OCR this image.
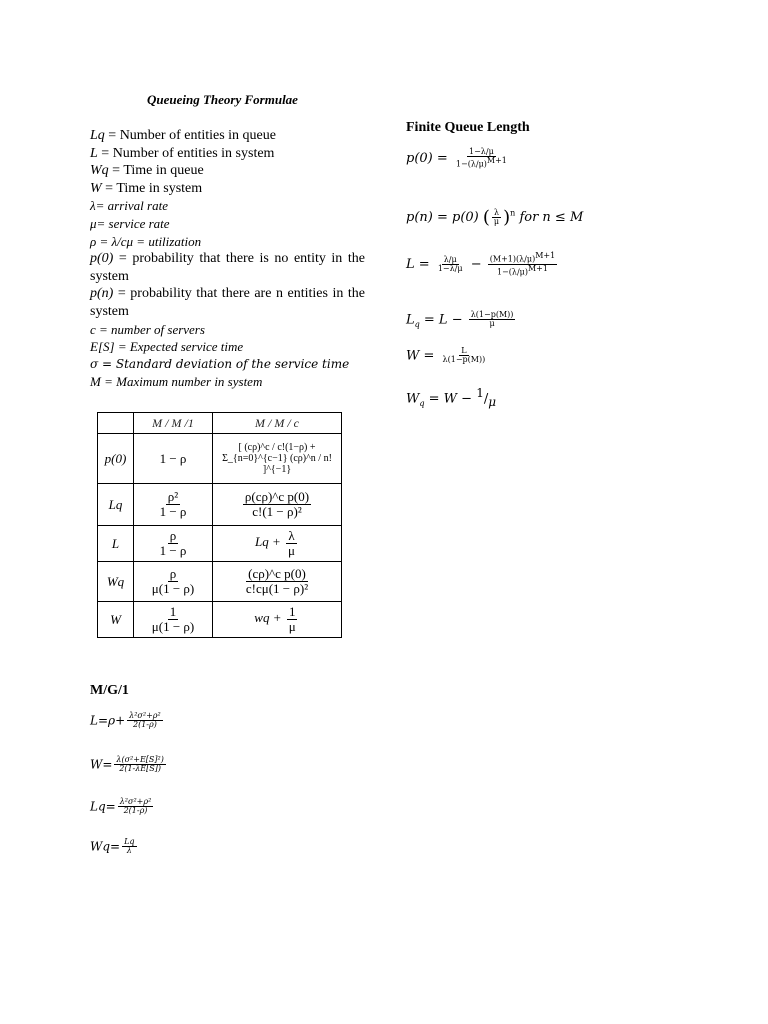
Queueing Theory Formulae
Lq = Number of entities in queue
L = Number of entities in system
Wq = Time in queue
W = Time in system
λ= arrival rate
μ= service rate
ρ = λ/cμ = utilization
p(0) = probability that there is no entity in the system
p(n) = probability that there are n entities in the system
c = number of servers
E[S] = Expected service time
σ = Standard deviation of the service time
M = Maximum number in system
Finite Queue Length
$p(0) = \frac{1-\lambda/\mu}{1-(\lambda/\mu)M+1}$
p(n) = p(0) ( $\frac{\lambda}{\mu} )^n$ for n ≤ M
$L = \frac{\lambda/\mu}{1-\lambda/\mu} - \frac{(M+1)(\lambda/\mu)M+1}{1-(\lambda/\mu)M+1}$
$L_q = L - \frac{\lambda(1-p(M))}{\mu}$
$W = \frac{L}{\lambda(1-p(M))}$
$W_q = W - 1/\mu$
	M / M /1	M / M / c
p(0)	1 − ρ	[ (cρ)^c / c!(1−ρ) + Σ_{n=0}^{c−1} (cρ)^n / n! ]^{−1}
Lq	$\frac{\text{ρ²}}{1 - \rho}$	$\frac{\text{ρ(cρ)\textasciicircum{}c p(0)}}{\text{c!(1 − ρ)²}}$

L	$\frac{\rho}{1 - \rho}$	$Lq + \frac{\lambda}{\mu}$

Wq	$\frac{\rho}{\mu(1 - \rho)}$	$\frac{\text{(cρ)\textasciicircum{}c p(0)}}{\text{c!cμ(1 − ρ)²}}$

W	$\frac{1}{\mu(1 - \rho)}$	wq + $\frac{1}{\mu}$
M/G/1
$L=\rho+ \frac{\text{λ²σ²+ρ²}}{2(1-\rho)}$
$W= \frac{\text{λ(σ²+E[S]²)}}{2(1-\lambda E[S])}$
$Lq= \frac{\text{λ²σ²+ρ²}}{2(1-\rho)}$
$Wq= \frac{Lq}{\lambda}$
